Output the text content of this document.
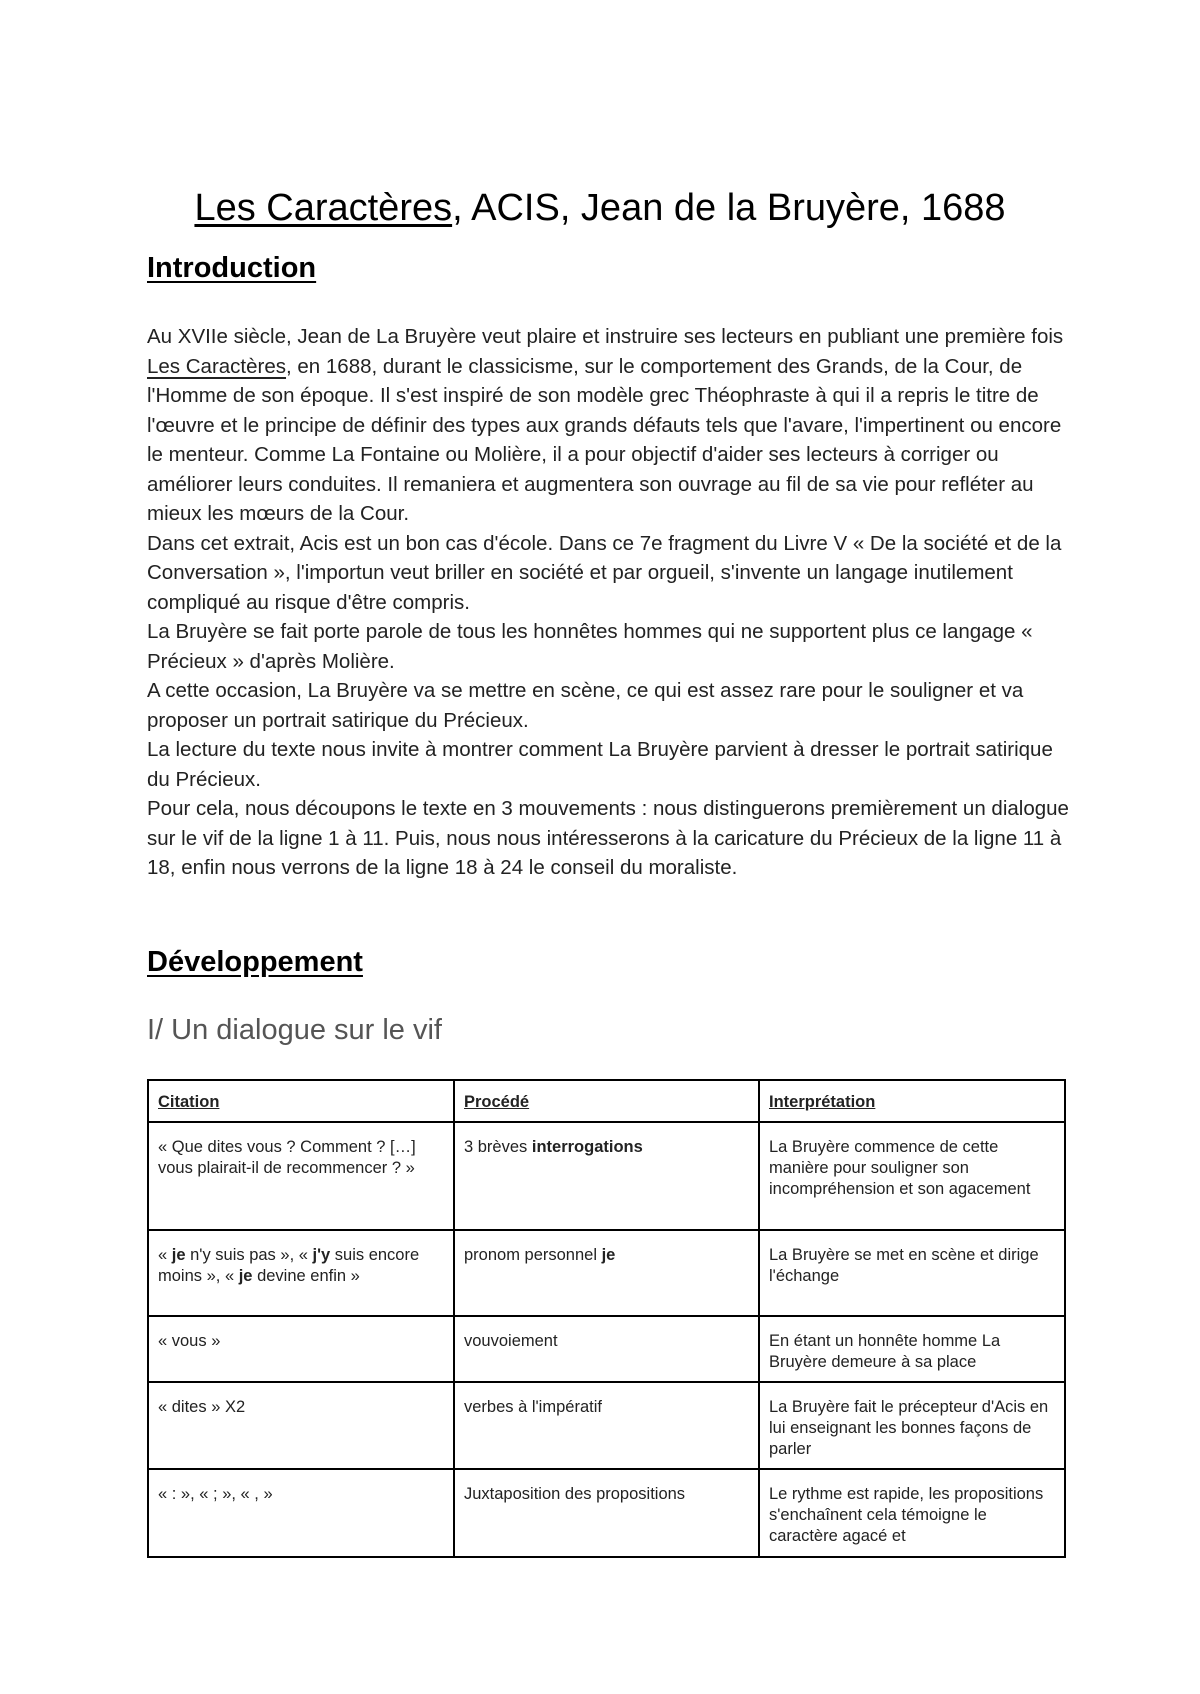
Les Caractères, ACIS, Jean de la Bruyère, 1688
Introduction

Au XVIIe siècle, Jean de La Bruyère veut plaire et instruire ses lecteurs en publiant une première fois Les Caractères, en 1688, durant le classicisme, sur le comportement des Grands, de la Cour, de l'Homme de son époque. Il s'est inspiré de son modèle grec Théophraste à qui il a repris le titre de l'œuvre et le principe de définir des types aux grands défauts tels que l'avare, l'impertinent ou encore le menteur. Comme La Fontaine ou Molière, il a pour objectif d'aider ses lecteurs à corriger ou améliorer leurs conduites. Il remaniera et augmentera son ouvrage au fil de sa vie pour refléter au mieux les mœurs de la Cour.

Dans cet extrait, Acis est un bon cas d'école. Dans ce 7e fragment du Livre V « De la société et de la Conversation », l'importun veut briller en société et par orgueil, s'invente un langage inutilement compliqué au risque d'être compris.

La Bruyère se fait porte parole de tous les honnêtes hommes qui ne supportent plus ce langage « Précieux » d'après Molière.

A cette occasion, La Bruyère va se mettre en scène, ce qui est assez rare pour le souligner et va proposer un portrait satirique du Précieux.

La lecture du texte nous invite à montrer comment La Bruyère parvient à dresser le portrait satirique du Précieux.

Pour cela, nous découpons le texte en 3 mouvements : nous distinguerons premièrement un dialogue sur le vif de la ligne 1 à 11. Puis, nous nous intéresserons à la caricature du Précieux de la ligne 11 à 18, enfin nous verrons de la ligne 18 à 24 le conseil du moraliste.

Développement
I/ Un dialogue sur le vif
Citation	Procédé	Interprétation
« Que dites vous ? Comment ? […] vous plairait-il de recommencer ? »	3 brèves interrogations	La Bruyère commence de cette manière pour souligner son incompréhension et son agacement
« je n'y suis pas », « j'y suis encore moins », « je devine enfin »	pronom personnel je	La Bruyère se met en scène et dirige l'échange
« vous »	vouvoiement	En étant un honnête homme La Bruyère demeure à sa place
« dites » X2	verbes à l'impératif	La Bruyère fait le précepteur d'Acis en lui enseignant les bonnes façons de parler
« : », « ; », « , »	Juxtaposition des propositions	Le rythme est rapide, les propositions s'enchaînent cela témoigne le caractère agacé et
